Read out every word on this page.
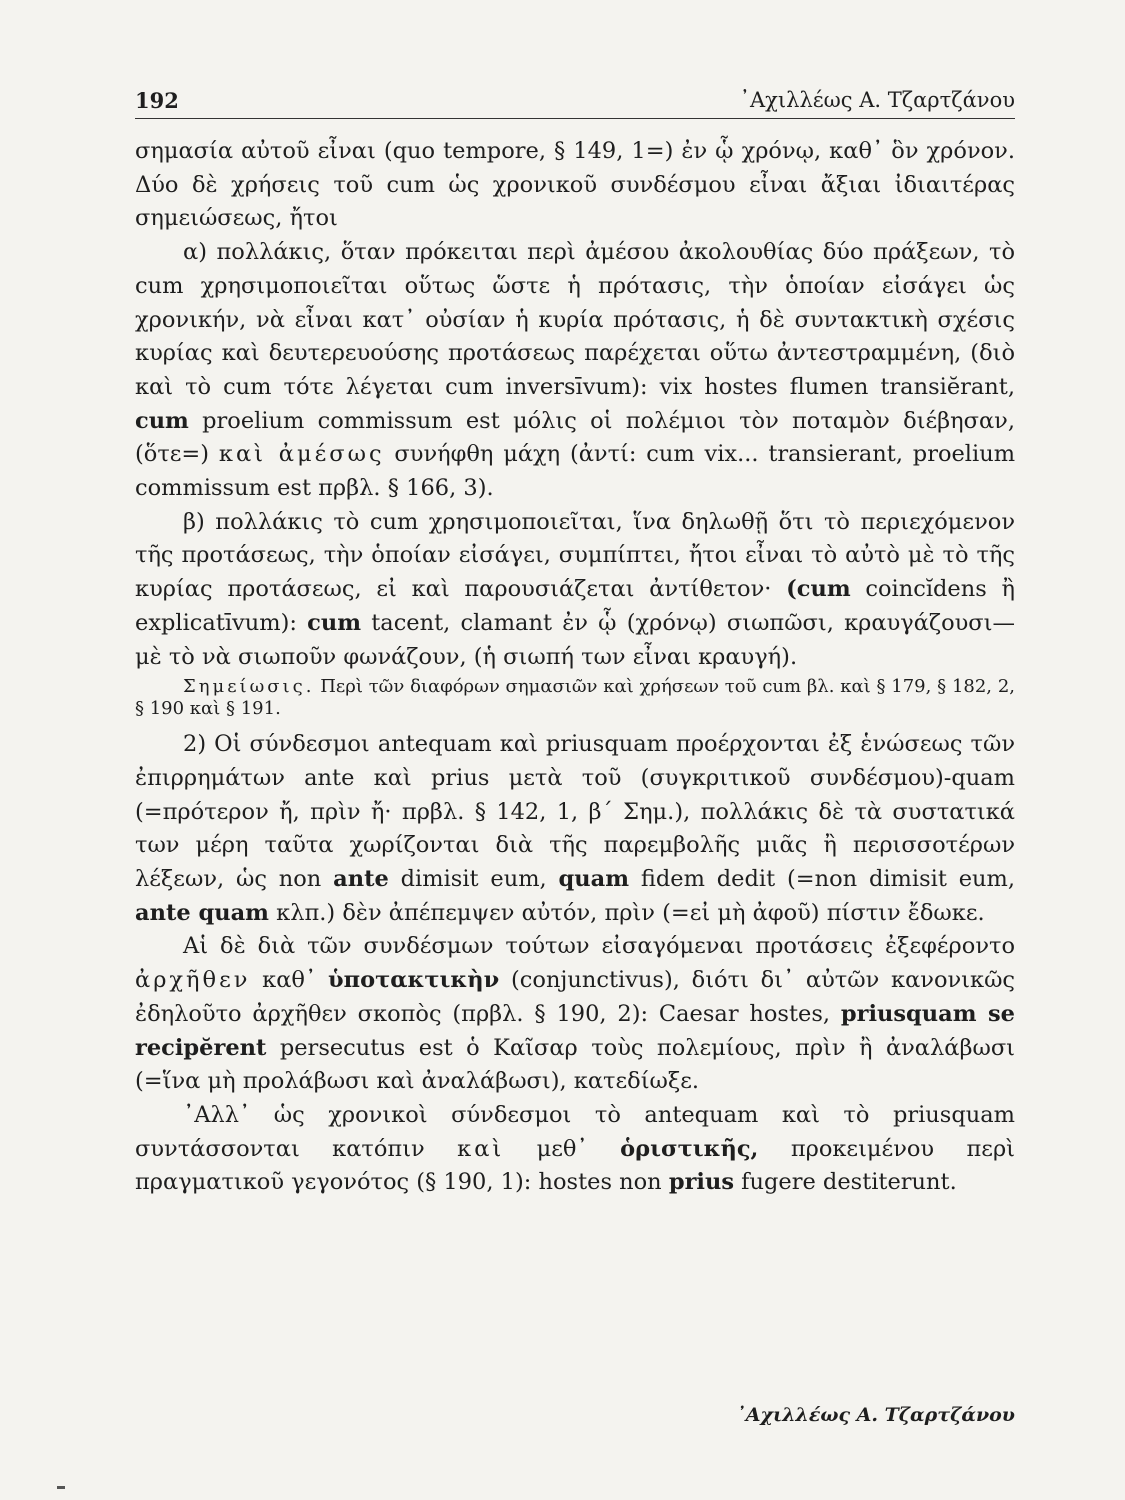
192	᾿Αχιλλέως Α. Τζαρτζάνου

σημασία αὐτοῦ εἶναι (quo tempore, § 149, 1=) ἐν ᾧ χρόνῳ, καθ᾿ ὃν χρόνον. Δύο δὲ χρήσεις τοῦ cum ὡς χρονικοῦ συνδέσμου εἶναι ἄξιαι ἰδιαιτέρας σημειώσεως, ἤτοι

α) πολλάκις, ὅταν πρόκειται περὶ ἀμέσου ἀκολουθίας δύο πράξεων, τὸ cum χρησιμοποιεῖται οὕτως ὥστε ἡ πρότασις, τὴν ὁποίαν εἰσάγει ὡς χρονικήν, νὰ εἶναι κατ᾿ οὐσίαν ἡ κυρία πρότασις, ἡ δὲ συντακτικὴ σχέσις κυρίας καὶ δευτερευούσης προτάσεως παρέχεται οὕτω ἀντεστραμμένη, (διὸ καὶ τὸ cum τότε λέγεται cum inversīvum): vix hostes flumen transiĕrant, cum proelium commissum est μόλις οἱ πολέμιοι τὸν ποταμὸν διέβησαν, (ὅτε=) καὶ ἀμέσως συνήφθη μάχη (ἀντί: cum vix... transierant, proelium commissum est πρβλ. § 166, 3).

β) πολλάκις τὸ cum χρησιμοποιεῖται, ἵνα δηλωθῇ ὅτι τὸ περιεχόμενον τῆς προτάσεως, τὴν ὁποίαν εἰσάγει, συμπίπτει, ἤτοι εἶναι τὸ αὐτὸ μὲ τὸ τῆς κυρίας προτάσεως, εἰ καὶ παρουσιάζεται ἀντίθετον· (cum coincĭdens ἢ explicatīvum): cum tacent, clamant ἐν ᾧ (χρόνῳ) σιωπῶσι, κραυγάζουσι—μὲ τὸ νὰ σιωποῦν φωνάζουν, (ἡ σιωπή των εἶναι κραυγή).

Σημείωσις. Περὶ τῶν διαφόρων σημασιῶν καὶ χρήσεων τοῦ cum βλ. καὶ § 179, § 182, 2, § 190 καὶ § 191.

2) Οἱ σύνδεσμοι antequam καὶ priusquam προέρχονται ἐξ ἑνώσεως τῶν ἐπιρρημάτων ante καὶ prius μετὰ τοῦ (συγκριτικοῦ συνδέσμου)-quam (=πρότερον ἤ, πρὶν ἤ· πρβλ. § 142, 1, β΄ Σημ.), πολλάκις δὲ τὰ συστατικά των μέρη ταῦτα χωρίζονται διὰ τῆς παρεμβολῆς μιᾶς ἢ περισσοτέρων λέξεων, ὡς non ante dimisit eum, quam fidem dedit (=non dimisit eum, ante quam κλπ.) δὲν ἀπέπεμψεν αὐτόν, πρὶν (=εἰ μὴ ἀφοῦ) πίστιν ἔδωκε.

Αἱ δὲ διὰ τῶν συνδέσμων τούτων εἰσαγόμεναι προτάσεις ἐξεφέροντο ἀρχῆθεν καθ᾿ ὑποτακτικὴν (conjunctivus), διότι δι᾿ αὐτῶν κανονικῶς ἐδηλοῦτο ἀρχῆθεν σκοπὸς (πρβλ. § 190, 2): Caesar hostes, priusquam se recipĕrent persecutus est ὁ Καῖσαρ τοὺς πολεμίους, πρὶν ἢ ἀναλάβωσι (=ἵνα μὴ προλάβωσι καὶ ἀναλάβωσι), κατεδίωξε.

᾿Αλλ᾿ ὡς χρονικοὶ σύνδεσμοι τὸ antequam καὶ τὸ priusquam συντάσσονται κατόπιν καὶ μεθ᾿ ὁριστικῆς, προκειμένου περὶ πραγματικοῦ γεγονότος (§ 190, 1): hostes non prius fugere destiterunt.

᾿Αχιλλέως Α. Τζαρτζάνου
